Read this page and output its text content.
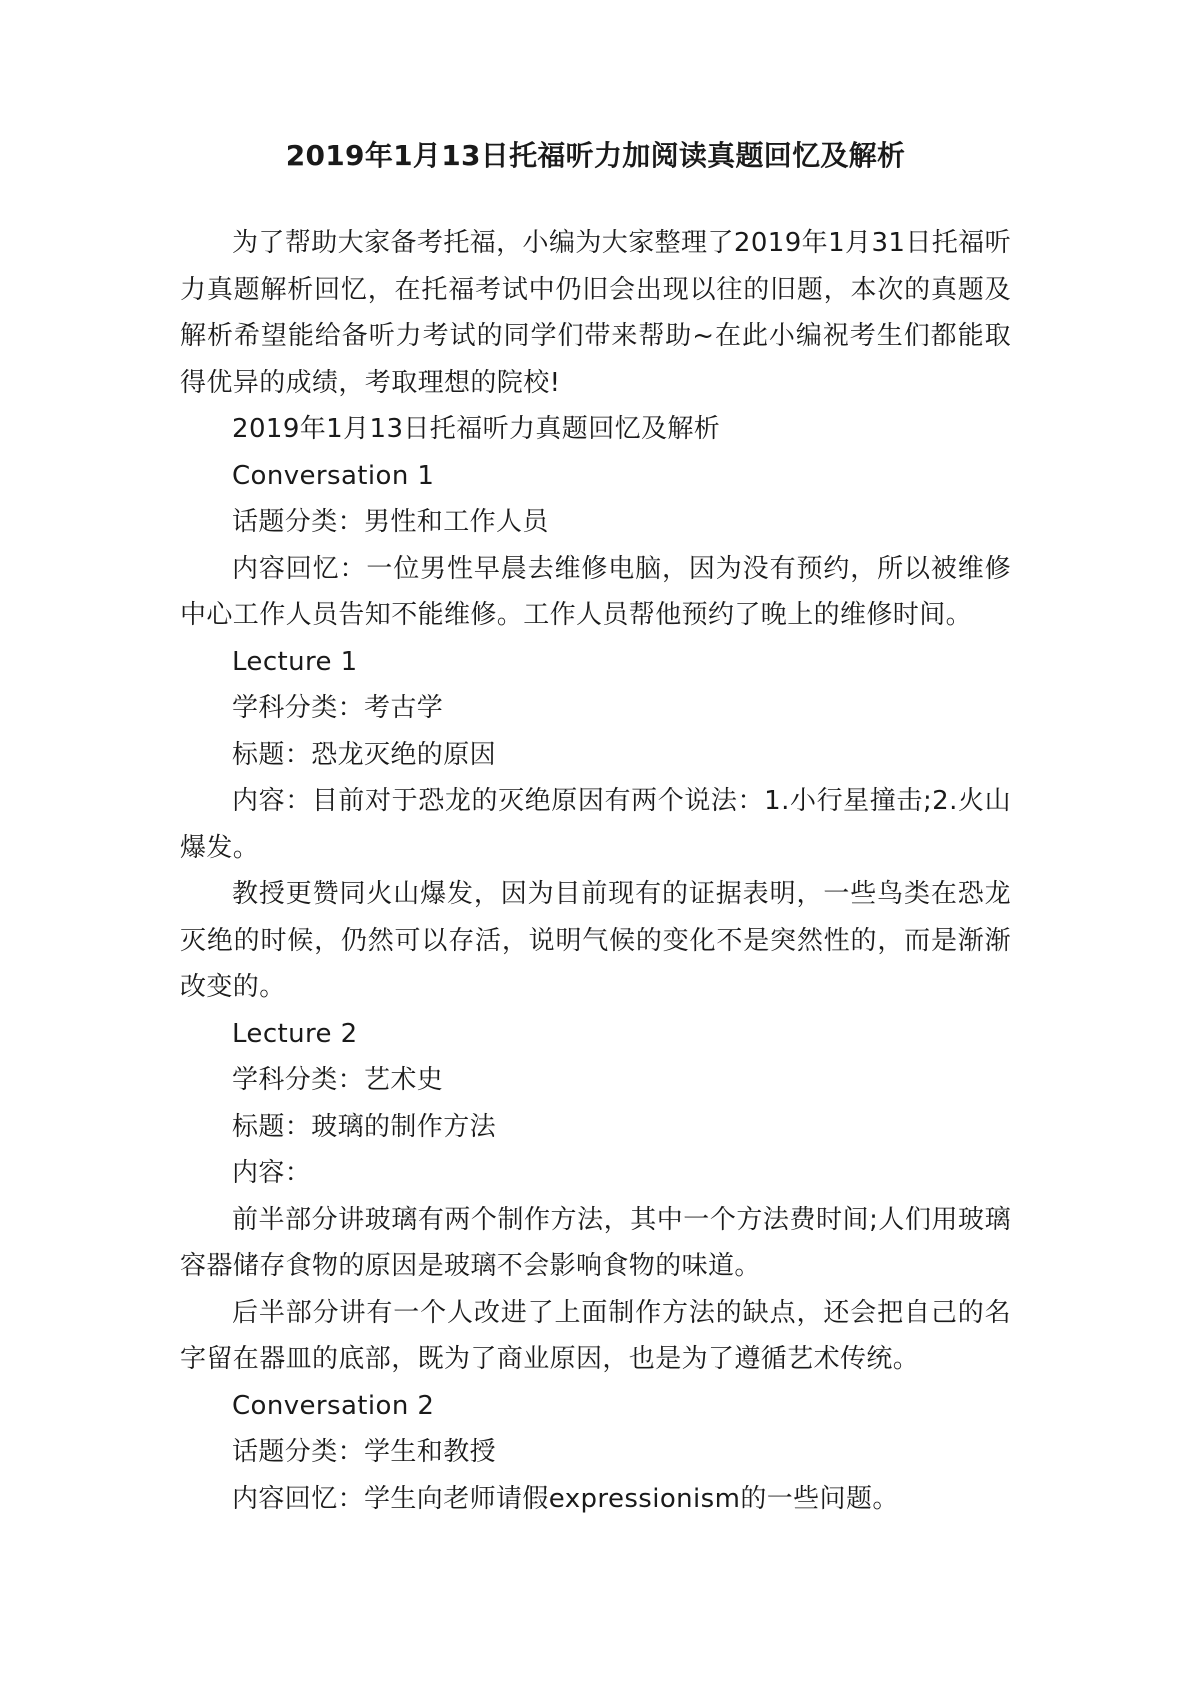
2019年1月13日托福听力加阅读真题回忆及解析

为了帮助大家备考托福，小编为大家整理了2019年1月31日托福听力真题解析回忆，在托福考试中仍旧会出现以往的旧题，本次的真题及解析希望能给备听力考试的同学们带来帮助~在此小编祝考生们都能取得优异的成绩，考取理想的院校!

2019年1月13日托福听力真题回忆及解析

Conversation 1

话题分类：男性和工作人员

内容回忆：一位男性早晨去维修电脑，因为没有预约，所以被维修中心工作人员告知不能维修。工作人员帮他预约了晚上的维修时间。

Lecture 1

学科分类：考古学

标题：恐龙灭绝的原因

内容：目前对于恐龙的灭绝原因有两个说法：1.小行星撞击;2.火山爆发。

教授更赞同火山爆发，因为目前现有的证据表明，一些鸟类在恐龙灭绝的时候，仍然可以存活，说明气候的变化不是突然性的，而是渐渐改变的。

Lecture 2

学科分类：艺术史

标题：玻璃的制作方法

内容：

前半部分讲玻璃有两个制作方法，其中一个方法费时间;人们用玻璃容器储存食物的原因是玻璃不会影响食物的味道。

后半部分讲有一个人改进了上面制作方法的缺点，还会把自己的名字留在器皿的底部，既为了商业原因，也是为了遵循艺术传统。

Conversation 2

话题分类：学生和教授

内容回忆：学生向老师请假expressionism的一些问题。
